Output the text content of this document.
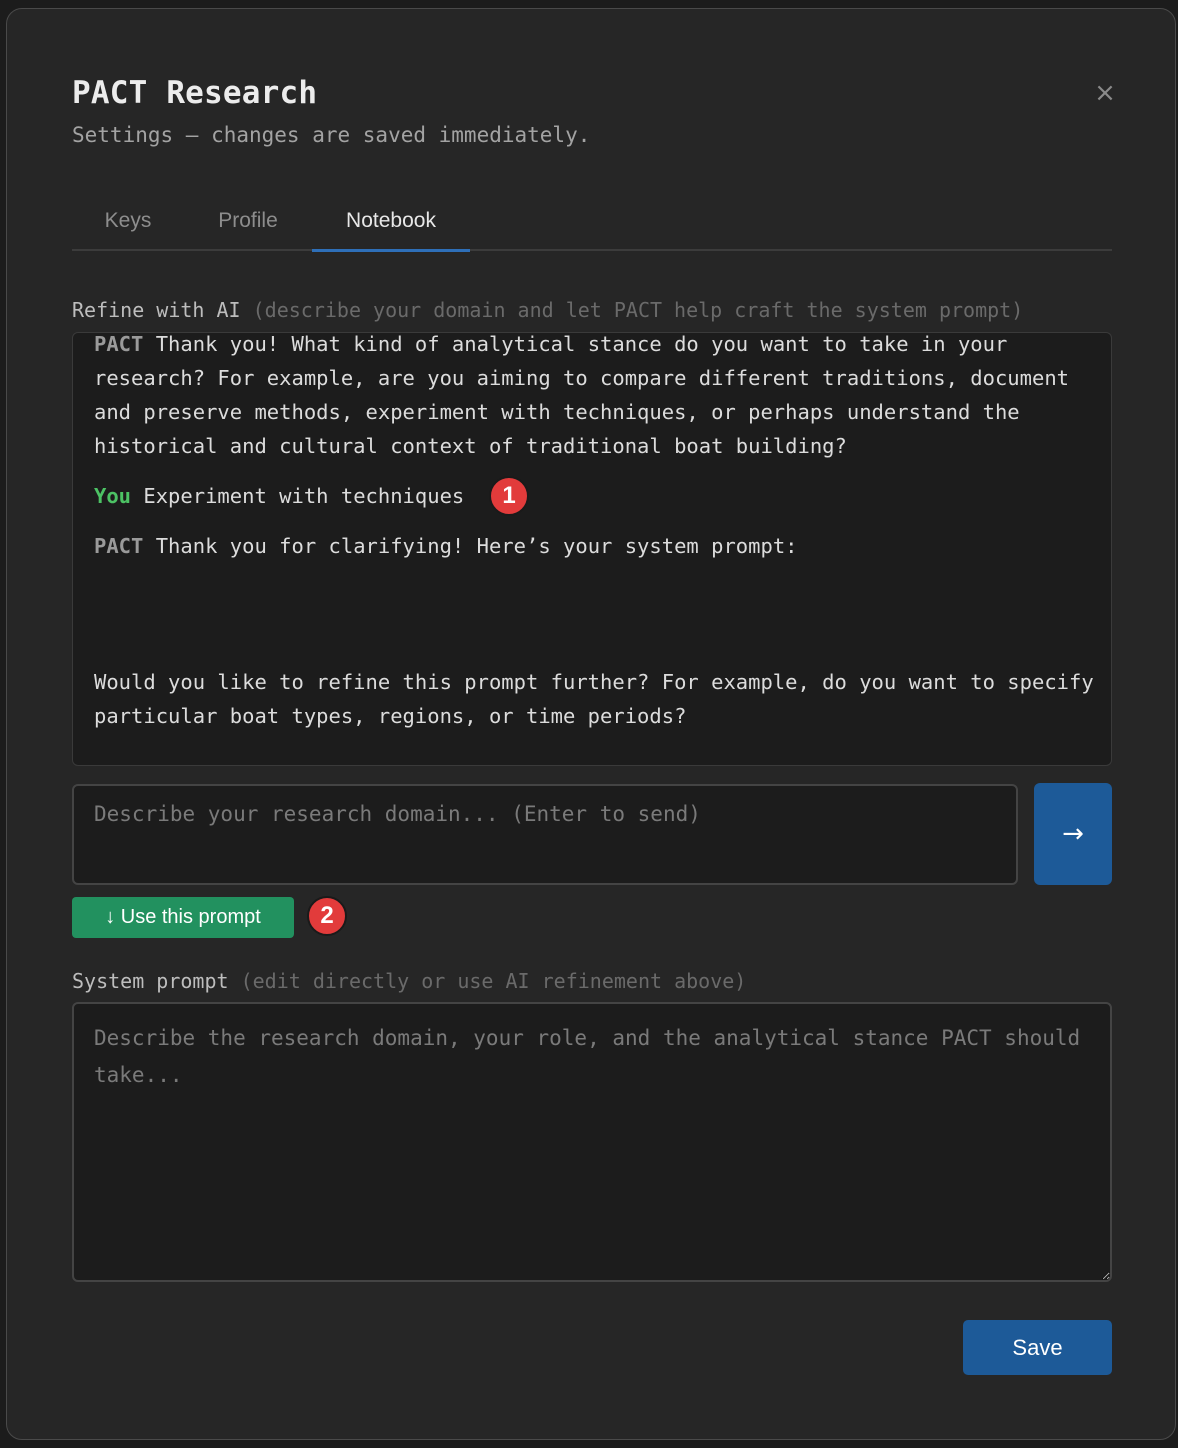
PACT Research
Settings — changes are saved immediately.
×
Keys	Profile	Notebook
Refine with AI (describe your domain and let PACT help craft the system prompt)
PACT Thank you! What kind of analytical stance do you want to take in your research? For example, are you aiming to compare different traditions, document and preserve methods, experiment with techniques, or perhaps understand the historical and cultural context of traditional boat building?
You Experiment with techniques
PACT Thank you for clarifying! Here’s your system prompt:
Would you like to refine this prompt further? For example, do you want to specify particular boat types, regions, or time periods?
1
Describe your research domain... (Enter to send)
→
↓ Use this prompt	2
System prompt (edit directly or use AI refinement above)
Describe the research domain, your role, and the analytical stance PACT should take...
Save
